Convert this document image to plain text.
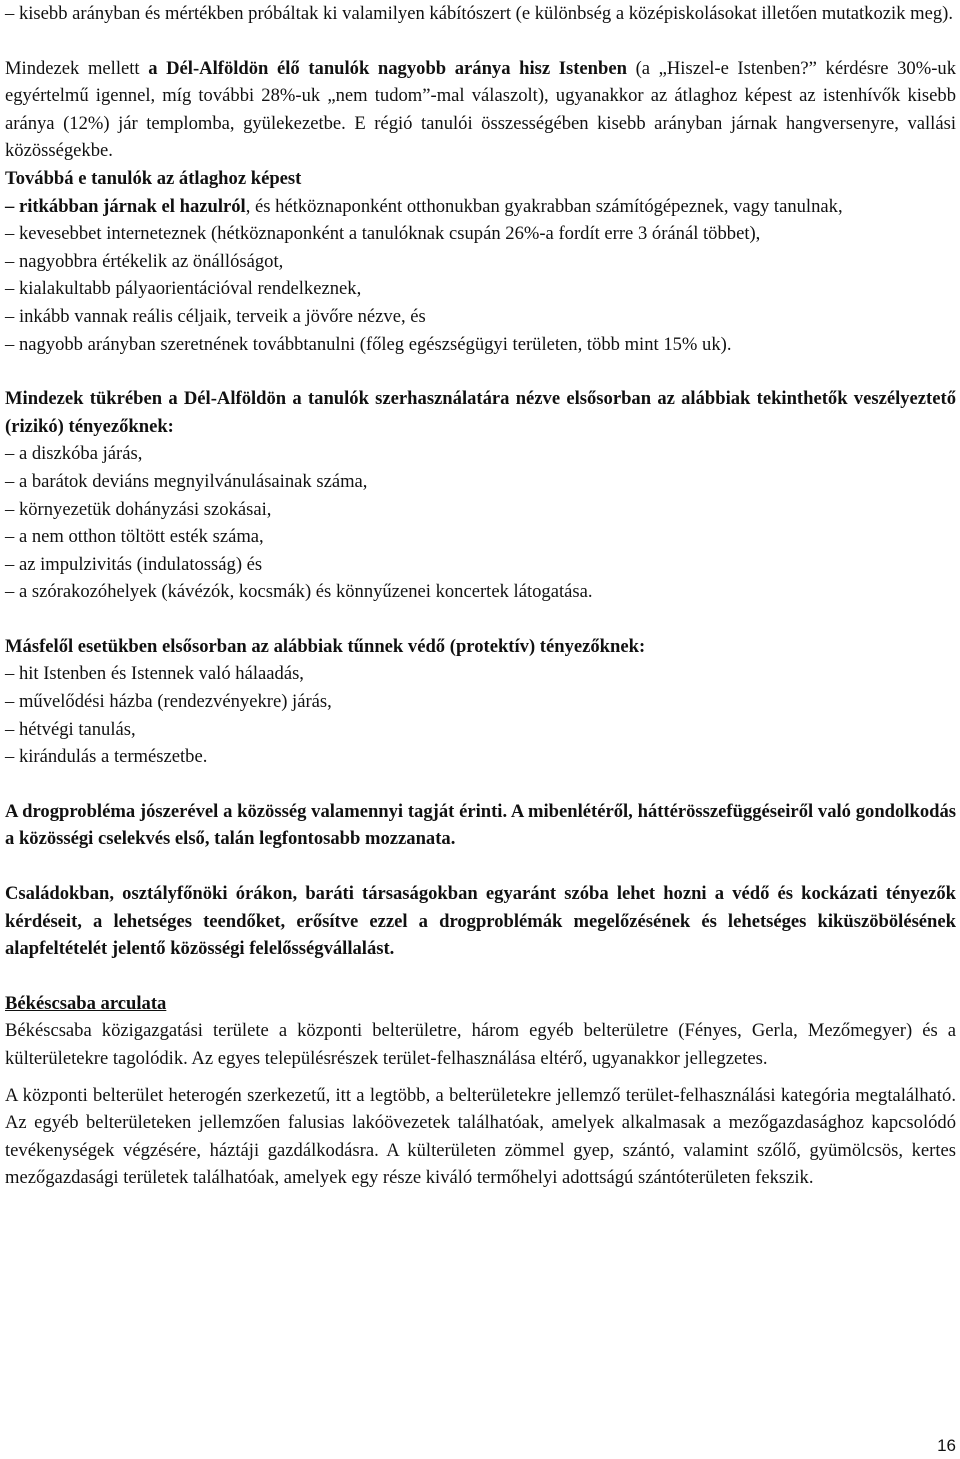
– kisebb arányban és mértékben próbáltak ki valamilyen kábítószert (e különbség a középiskolásokat illetően mutatkozik meg).

Mindezek mellett a Dél-Alföldön élő tanulók nagyobb aránya hisz Istenben (a „Hiszel-e Istenben?” kérdésre 30%-uk egyértelmű igennel, míg további 28%-uk „nem tudom”-mal válaszolt), ugyanakkor az átlaghoz képest az istenhívők kisebb aránya (12%) jár templomba, gyülekezetbe. E régió tanulói összességében kisebb arányban járnak hangversenyre, vallási közösségekbe.

Továbbá e tanulók az átlaghoz képest

– ritkábban járnak el hazulról, és hétköznaponként otthonukban gyakrabban számítógépeznek, vagy tanulnak,

– kevesebbet interneteznek (hétköznaponként a tanulóknak csupán 26%-a fordít erre 3 óránál többet),

– nagyobbra értékelik az önállóságot,

– kialakultabb pályaorientációval rendelkeznek,

– inkább vannak reális céljaik, terveik a jövőre nézve, és

– nagyobb arányban szeretnének továbbtanulni (főleg egészségügyi területen, több mint 15% uk).

Mindezek tükrében a Dél-Alföldön a tanulók szerhasználatára nézve elsősorban az alábbiak tekinthetők veszélyeztető (rizikó) tényezőknek:

– a diszkóba járás,

– a barátok deviáns megnyilvánulásainak száma,

– környezetük dohányzási szokásai,

– a nem otthon töltött esték száma,

– az impulzivitás (indulatosság) és

– a szórakozóhelyek (kávézók, kocsmák) és könnyűzenei koncertek látogatása.

Másfelől esetükben elsősorban az alábbiak tűnnek védő (protektív) tényezőknek:

– hit Istenben és Istennek való hálaadás,

– művelődési házba (rendezvényekre) járás,

– hétvégi tanulás,

– kirándulás a természetbe.

A drogprobléma jószerével a közösség valamennyi tagját érinti. A mibenlétéről, háttérösszefüggéseiről való gondolkodás a közösségi cselekvés első, talán legfontosabb mozzanata.

Családokban, osztályfőnöki órákon, baráti társaságokban egyaránt szóba lehet hozni a védő és kockázati tényezők kérdéseit, a lehetséges teendőket, erősítve ezzel a drogproblémák megelőzésének és lehetséges kiküszöbölésének alapfeltételét jelentő közösségi felelősségvállalást.

Békéscsaba arculata

Békéscsaba közigazgatási területe a központi belterületre, három egyéb belterületre (Fényes, Gerla, Mezőmegyer) és a külterületekre tagolódik. Az egyes településrészek terület-felhasználása eltérő, ugyanakkor jellegzetes.

A központi belterület heterogén szerkezetű, itt a legtöbb, a belterületekre jellemző terület-felhasználási kategória megtalálható. Az egyéb belterületeken jellemzően falusias lakóövezetek találhatóak, amelyek alkalmasak a mezőgazdasághoz kapcsolódó tevékenységek végzésére, háztáji gazdálkodásra. A külterületen zömmel gyep, szántó, valamint szőlő, gyümölcsös, kertes mezőgazdasági területek találhatóak, amelyek egy része kiváló termőhelyi adottságú szántóterületen fekszik.

16
